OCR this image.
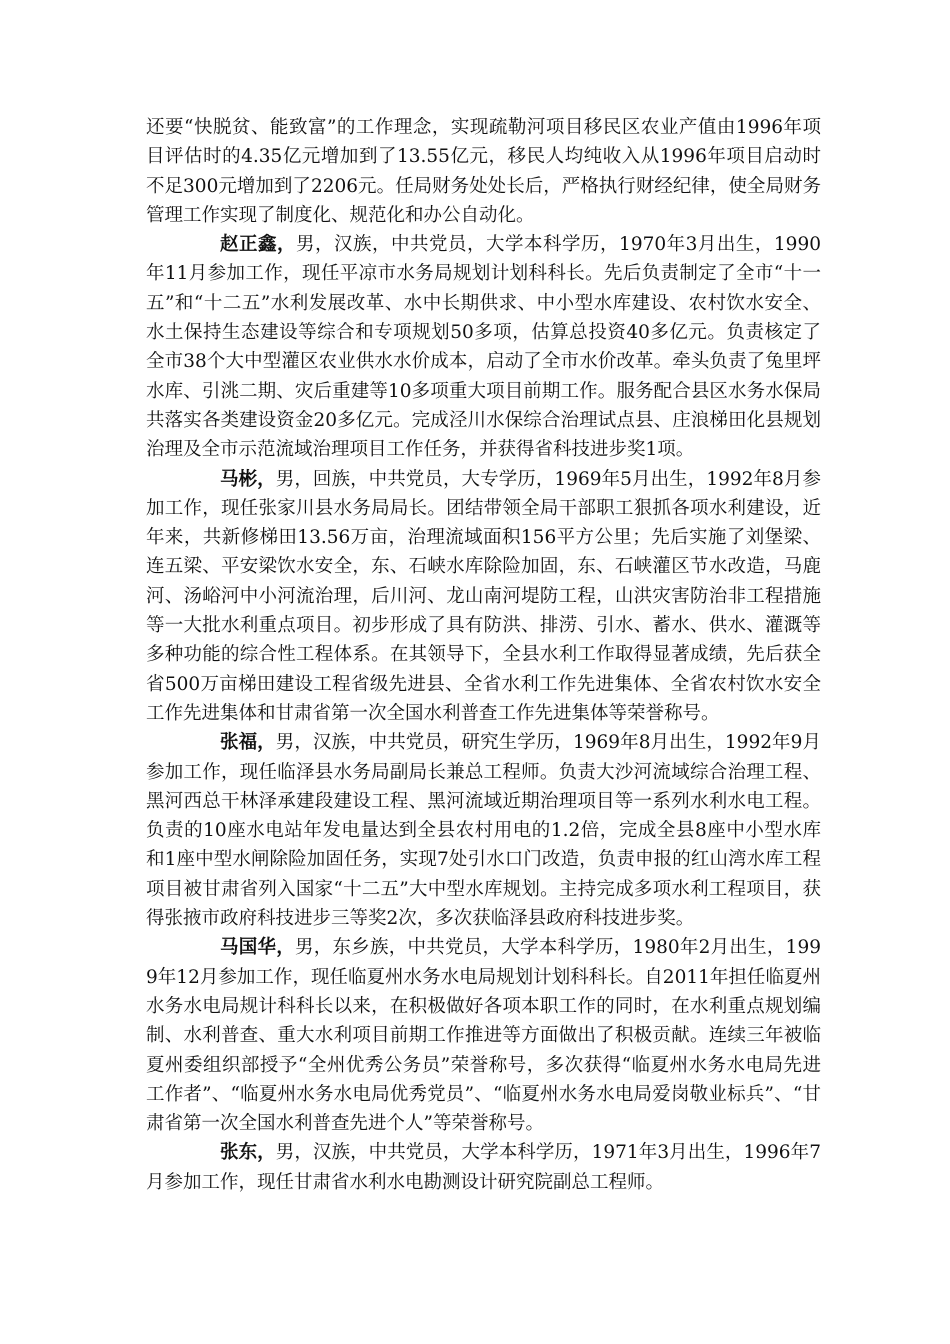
还要“快脱贫、能致富”的工作理念，实现疏勒河项目移民区农业产值由1996年项目评估时的4.35亿元增加到了13.55亿元，移民人均纯收入从1996年项目启动时不足300元增加到了2206元。任局财务处处长后，严格执行财经纪律，使全局财务管理工作实现了制度化、规范化和办公自动化。

赵正鑫，男，汉族，中共党员，大学本科学历，1970年3月出生，1990年11月参加工作，现任平凉市水务局规划计划科科长。先后负责制定了全市“十一五”和“十二五”水利发展改革、水中长期供求、中小型水库建设、农村饮水安全、水土保持生态建设等综合和专项规划50多项，估算总投资40多亿元。负责核定了全市38个大中型灌区农业供水水价成本，启动了全市水价改革。牵头负责了兔里坪水库、引洮二期、灾后重建等10多项重大项目前期工作。服务配合县区水务水保局共落实各类建设资金20多亿元。完成泾川水保综合治理试点县、庄浪梯田化县规划治理及全市示范流域治理项目工作任务，并获得省科技进步奖1项。

马彬，男，回族，中共党员，大专学历，1969年5月出生，1992年8月参加工作，现任张家川县水务局局长。团结带领全局干部职工狠抓各项水利建设，近年来，共新修梯田13.56万亩，治理流域面积156平方公里；先后实施了刘堡梁、连五梁、平安梁饮水安全，东、石峡水库除险加固，东、石峡灌区节水改造，马鹿河、汤峪河中小河流治理，后川河、龙山南河堤防工程，山洪灾害防治非工程措施等一大批水利重点项目。初步形成了具有防洪、排涝、引水、蓄水、供水、灌溉等多种功能的综合性工程体系。在其领导下，全县水利工作取得显著成绩，先后获全省500万亩梯田建设工程省级先进县、全省水利工作先进集体、全省农村饮水安全工作先进集体和甘肃省第一次全国水利普查工作先进集体等荣誉称号。

张福，男，汉族，中共党员，研究生学历，1969年8月出生，1992年9月参加工作，现任临泽县水务局副局长兼总工程师。负责大沙河流域综合治理工程、黑河西总干林泽承建段建设工程、黑河流域近期治理项目等一系列水利水电工程。负责的10座水电站年发电量达到全县农村用电的1.2倍，完成全县8座中小型水库和1座中型水闸除险加固任务，实现7处引水口门改造，负责申报的红山湾水库工程项目被甘肃省列入国家“十二五”大中型水库规划。主持完成多项水利工程项目，获得张掖市政府科技进步三等奖2次，多次获临泽县政府科技进步奖。

马国华，男，东乡族，中共党员，大学本科学历，1980年2月出生，1999年12月参加工作，现任临夏州水务水电局规划计划科科长。自2011年担任临夏州水务水电局规计科科长以来，在积极做好各项本职工作的同时，在水利重点规划编制、水利普查、重大水利项目前期工作推进等方面做出了积极贡献。连续三年被临夏州委组织部授予“全州优秀公务员”荣誉称号，多次获得“临夏州水务水电局先进工作者”、“临夏州水务水电局优秀党员”、“临夏州水务水电局爱岗敬业标兵”、“甘肃省第一次全国水利普查先进个人”等荣誉称号。

张东，男，汉族，中共党员，大学本科学历，1971年3月出生，1996年7月参加工作，现任甘肃省水利水电勘测设计研究院副总工程师。
